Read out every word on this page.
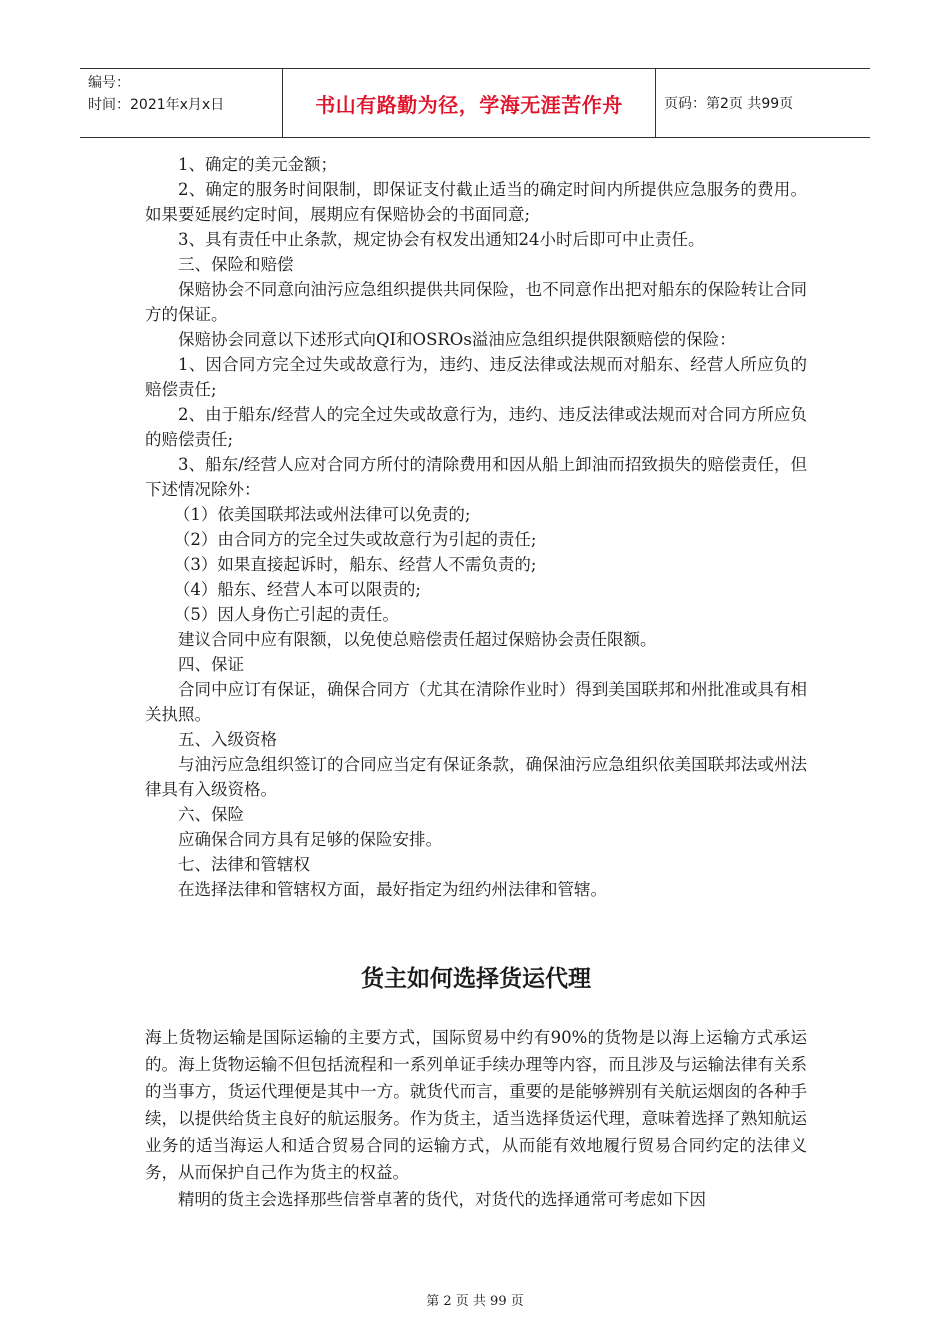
编号：
时间：2021年x月x日	书山有路勤为径，学海无涯苦作舟	页码：第2页 共99页

1、确定的美元金额；

2、确定的服务时间限制，即保证支付截止适当的确定时间内所提供应急服务的费用。如果要延展约定时间，展期应有保赔协会的书面同意;

3、具有责任中止条款，规定协会有权发出通知24小时后即可中止责任。

三、保险和赔偿

保赔协会不同意向油污应急组织提供共同保险，也不同意作出把对船东的保险转让合同方的保证。

保赔协会同意以下述形式向QI和OSROs溢油应急组织提供限额赔偿的保险：

1、因合同方完全过失或故意行为，违约、违反法律或法规而对船东、经营人所应负的赔偿责任;

2、由于船东/经营人的完全过失或故意行为，违约、违反法律或法规而对合同方所应负的赔偿责任;

3、船东/经营人应对合同方所付的清除费用和因从船上卸油而招致损失的赔偿责任，但下述情况除外：

（1）依美国联邦法或州法律可以免责的;

（2）由合同方的完全过失或故意行为引起的责任;

（3）如果直接起诉时，船东、经营人不需负责的;

（4）船东、经营人本可以限责的;

（5）因人身伤亡引起的责任。

建议合同中应有限额，以免使总赔偿责任超过保赔协会责任限额。

四、保证

合同中应订有保证，确保合同方（尤其在清除作业时）得到美国联邦和州批准或具有相关执照。

五、入级资格

与油污应急组织签订的合同应当定有保证条款，确保油污应急组织依美国联邦法或州法律具有入级资格。

六、保险

应确保合同方具有足够的保险安排。

七、法律和管辖权

在选择法律和管辖权方面，最好指定为纽约州法律和管辖。

货主如何选择货运代理

海上货物运输是国际运输的主要方式，国际贸易中约有90%的货物是以海上运输方式承运的。海上货物运输不但包括流程和一系列单证手续办理等内容，而且涉及与运输法律有关系的当事方，货运代理便是其中一方。就货代而言，重要的是能够辨别有关航运烟囱的各种手续，以提供给货主良好的航运服务。作为货主，适当选择货运代理，意味着选择了熟知航运业务的适当海运人和适合贸易合同的运输方式，从而能有效地履行贸易合同约定的法律义务，从而保护自己作为货主的权益。

精明的货主会选择那些信誉卓著的货代，对货代的选择通常可考虑如下因

第 2 页 共 99 页
